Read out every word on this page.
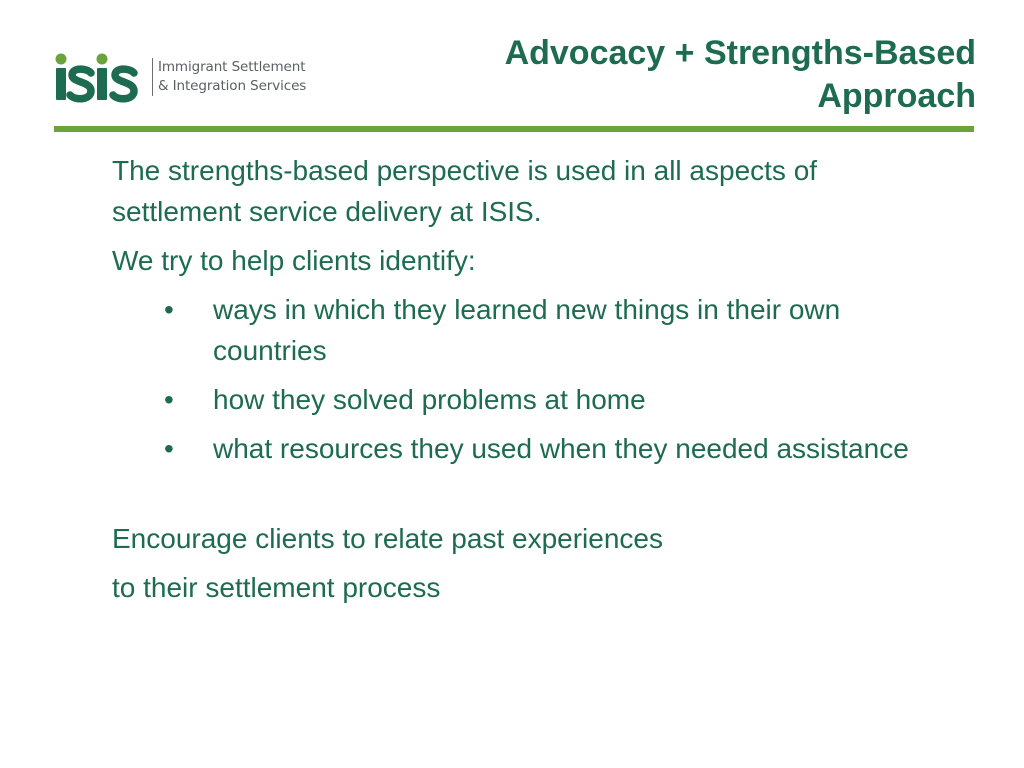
Immigrant Settlement
& Integration Services
Advocacy + Strengths-Based
Approach

The strengths-based perspective is used in all aspects of settlement service delivery at ISIS.

We try to help clients identify:

• ways in which they learned new things in their own countries
• how they solved problems at home
• what resources they used when they needed assistance

Encourage clients to relate past experiences

to their settlement process
